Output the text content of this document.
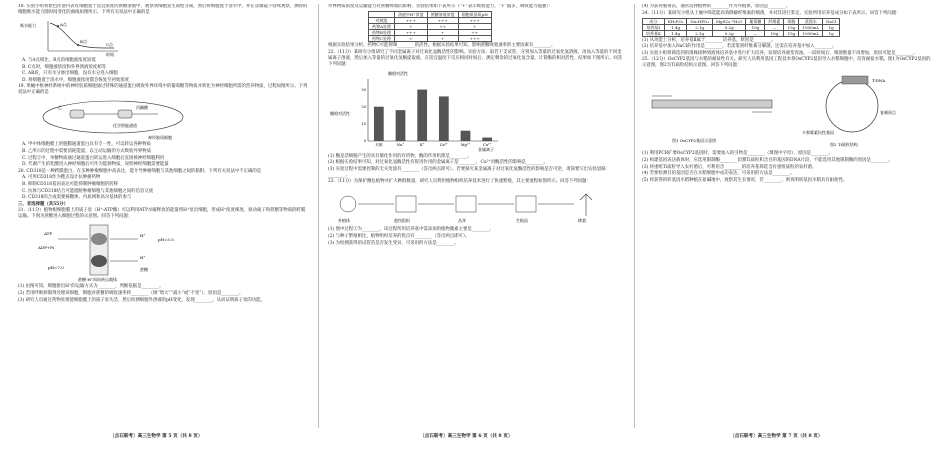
18. 实验小组将紫色洋葱内表皮细胞置于适宜浓度的蔗糖溶液中，观察到细胞发生质壁分离，然后将细胞置于清水中，并在显微镜下持续观察，测得的细胞吸水能力随时间变化的曲线如图所示。下列有关说法中正确的是

吸水能力
时间
A点
B点
C点

A. 与A点相比，B点的细胞液浓度较低

B. C点时，细胞液浓度和外界溶液浓度相等

C. AB段，只有水分渗出细胞，没有水分进入细胞

D. 将细胞置于清水中，细胞液浓度都会恢复至初始浓度

19. 果蝇中枢神经系统中的神经胶质细胞通过特殊的通道蛋白吸收外界环境中的葡萄糖等物质并转化为神经细胞所需的营养物质，过程如图所示。下列说法中正确的是

乙	丙酮酸
化学供能通道
神经胶质细胞

A. 甲中体细胞膜上的胞膜通道蛋白具有专一性，可以转运各种物质

B. 乙所示的过程中需要消耗能量，以主动运输的方式吸收外界物质

C. 过程②中，单糖物质通过通道蛋白转运进入细胞后直接被神经细胞利用

D. 代谢产生的乳酸进入神经细胞后可作为能源物质，说明神经细胞需要能量

20. CD318是一种跨膜蛋白，在多种肿瘤细胞中高表达，能介导肿瘤细胞与其他细胞之间的黏附。下列有关说法中不正确的是

A. 可用CD318作为靶点设计抗肿瘤药物

B. 抑制CD318基因表达可能抑制肿瘤细胞的转移

C. 抗体与CD318结合可能阻断肿瘤细胞与其他细胞之间的信息交流

D. CD318的合成需要核糖体、内质网和高尔基体的参与

三、非选择题（共55分）

21.（11分）植物根细胞膜上的质子泵（H⁺-ATP酶）可以利用ATP水解释放的能量将H⁺泵出细胞，形成H⁺浓度梯度，驱动离子和蔗糖等物质的跨膜运输。下图为蔗糖进入细胞过程的示意图。回答下列问题：

ATP
ADP+Pi
H⁺
H⁺
pH=5.5
pH=7.0	蔗糖
蔗糖-H⁺同向转运载体

(1) 由图可知，细胞排出H⁺的运输方式为________，判断依据是________。

(2) 若用呼吸抑制剂处理该细胞，细胞对蔗糖的吸收速率将________（填“增大”“减小”或“不变”），原因是________。

(3) 研究人员通过药物处理使细胞膜上的质子泵失活，然后检测细胞外溶液的pH变化，发现________，从而证明质子泵的功能。

外界物质浓度及运输能力对蔗糖吸收的影响，实验结果如下表所示（“+”表示吸收能力，“+”越多，吸收能力越强）：

	溶液中H⁺浓度	蔗糖溶液浓度	细胞质基质pH
对照组	+++	+++	+++
药物A处理	+	++	+
药物B处理	+++	+	++
药物C处理	+	+	+++

根据实验结果分析，药物C可能抑制________的活性。根据实验结果可知，影响蔗糖吸收速率的主要因素有________。

22.（11分）某研究小组研究了不同金属离子对过氧化氢酶活性的影响。实验方法：取若干支试管，分别加入等量的过氧化氢溶液，再加入等量的不同金属离子溶液，然后加入等量的过氧化氢酶提取液，在适宜温度下反应相同时间后，测定剩余的过氧化氢含量，计算酶的相对活性，结果如下图所示。回答下列问题：

酶相对活性
酶相对活性
金属离子
对照	Na⁺	K⁺	Ca²⁺	Mg²⁺	Cu²⁺
0
10
20
30

(1) 酶是活细胞产生的具有催化作用的有机物，酶的作用机理是________。

(2) 根据实验结果可知，对过氧化氢酶活性有促进作用的金属离子是________，Cu²⁺对酶活性的影响是________。

(3) 实验过程中需要控制的无关变量有________（答出两点即可）。若要探究某金属离子对过氧化氢酶活性的影响是否可逆，请简要写出实验思路：________。

23.（11分）为保护濒危植物并扩大种群数量，研究人员利用植物组织培养技术进行了快速繁殖，其主要流程如图所示。回答下列问题：

外植体	愈伤组织	丛芽	生根苗	移栽

(1) 图中过程①为________，该过程所用培养基中需添加的植物激素主要是________。

(2) 与种子繁殖相比，植物组织培养的优点有________（答出两点即可）。

(3) 为检测获得的试管苗是否发生变异，可采用的方法是________。

(4) 为获得脱毒苗，通常选择植物的________作为外植体，原因是________。

24.（11分）某研究小组从土壤中筛选能高效降解纤维素的细菌，并对其进行鉴定。实验所用培养基成分如下表所示。回答下列问题：

成分	KH₂PO₄	Na₂HPO₄	MgSO₄·7H₂O	葡萄糖	纤维素	琼脂	蒸馏水	NaCl
培养基Ⅰ	1.4g	2.1g	0.2g	10g	—	15g	1000mL	1g
培养基Ⅱ	1.4g	2.1g	0.2g	—	10g	15g	1000mL	1g

(1) 从功能上分析，培养基Ⅱ属于________培养基，原因是________。

(2) 培养基中加入NaCl的作用是________，若需鉴别纤维素分解菌，还需在培养基中加入________。

(3) 实验小组将筛选到的菌株接种到液体培养基中进行扩大培养，发现培养液变浑浊，一段时间后，细菌数量不再增加，原因可能是________。

25.（12分）OsCYP2基因与水稻的耐盐性有关。研究人员利用基因工程技术将OsCYP2基因导入水稻细胞中，培育耐盐水稻。图1为OsCYP2基因的示意图，图2为Ti质粒结构示意图。回答下列问题：

图1 OsCYP2基因示意图
T-DNA
复制原点
卡那霉素抗性基因
图2 Ti质粒结构

(1) 利用PCR扩增OsCYP2基因时，需要加入的引物是________（填图中字母），原因是________。

(2) 构建基因表达载体时，应选用限制酶________切割Ti质粒和含目的基因的DNA片段，不能选用其他限制酶的原因是________。

(3) 将重组Ti质粒导入农杆菌后，可利用含________的培养基筛选含有重组质粒的农杆菌。

(4) 若要检测目的基因是否在水稻细胞中成功表达，可采用的方法是________。

(5) 将获得的转基因水稻种植在盐碱地中，观察其生长情况，若________，则说明转基因水稻具有耐盐性。

〔点石联考〕高三生物学 第 5 页（共 8 页）	〔点石联考〕高三生物学 第 6 页（共 8 页）	〔点石联考〕高三生物学 第 7 页（共 8 页）
